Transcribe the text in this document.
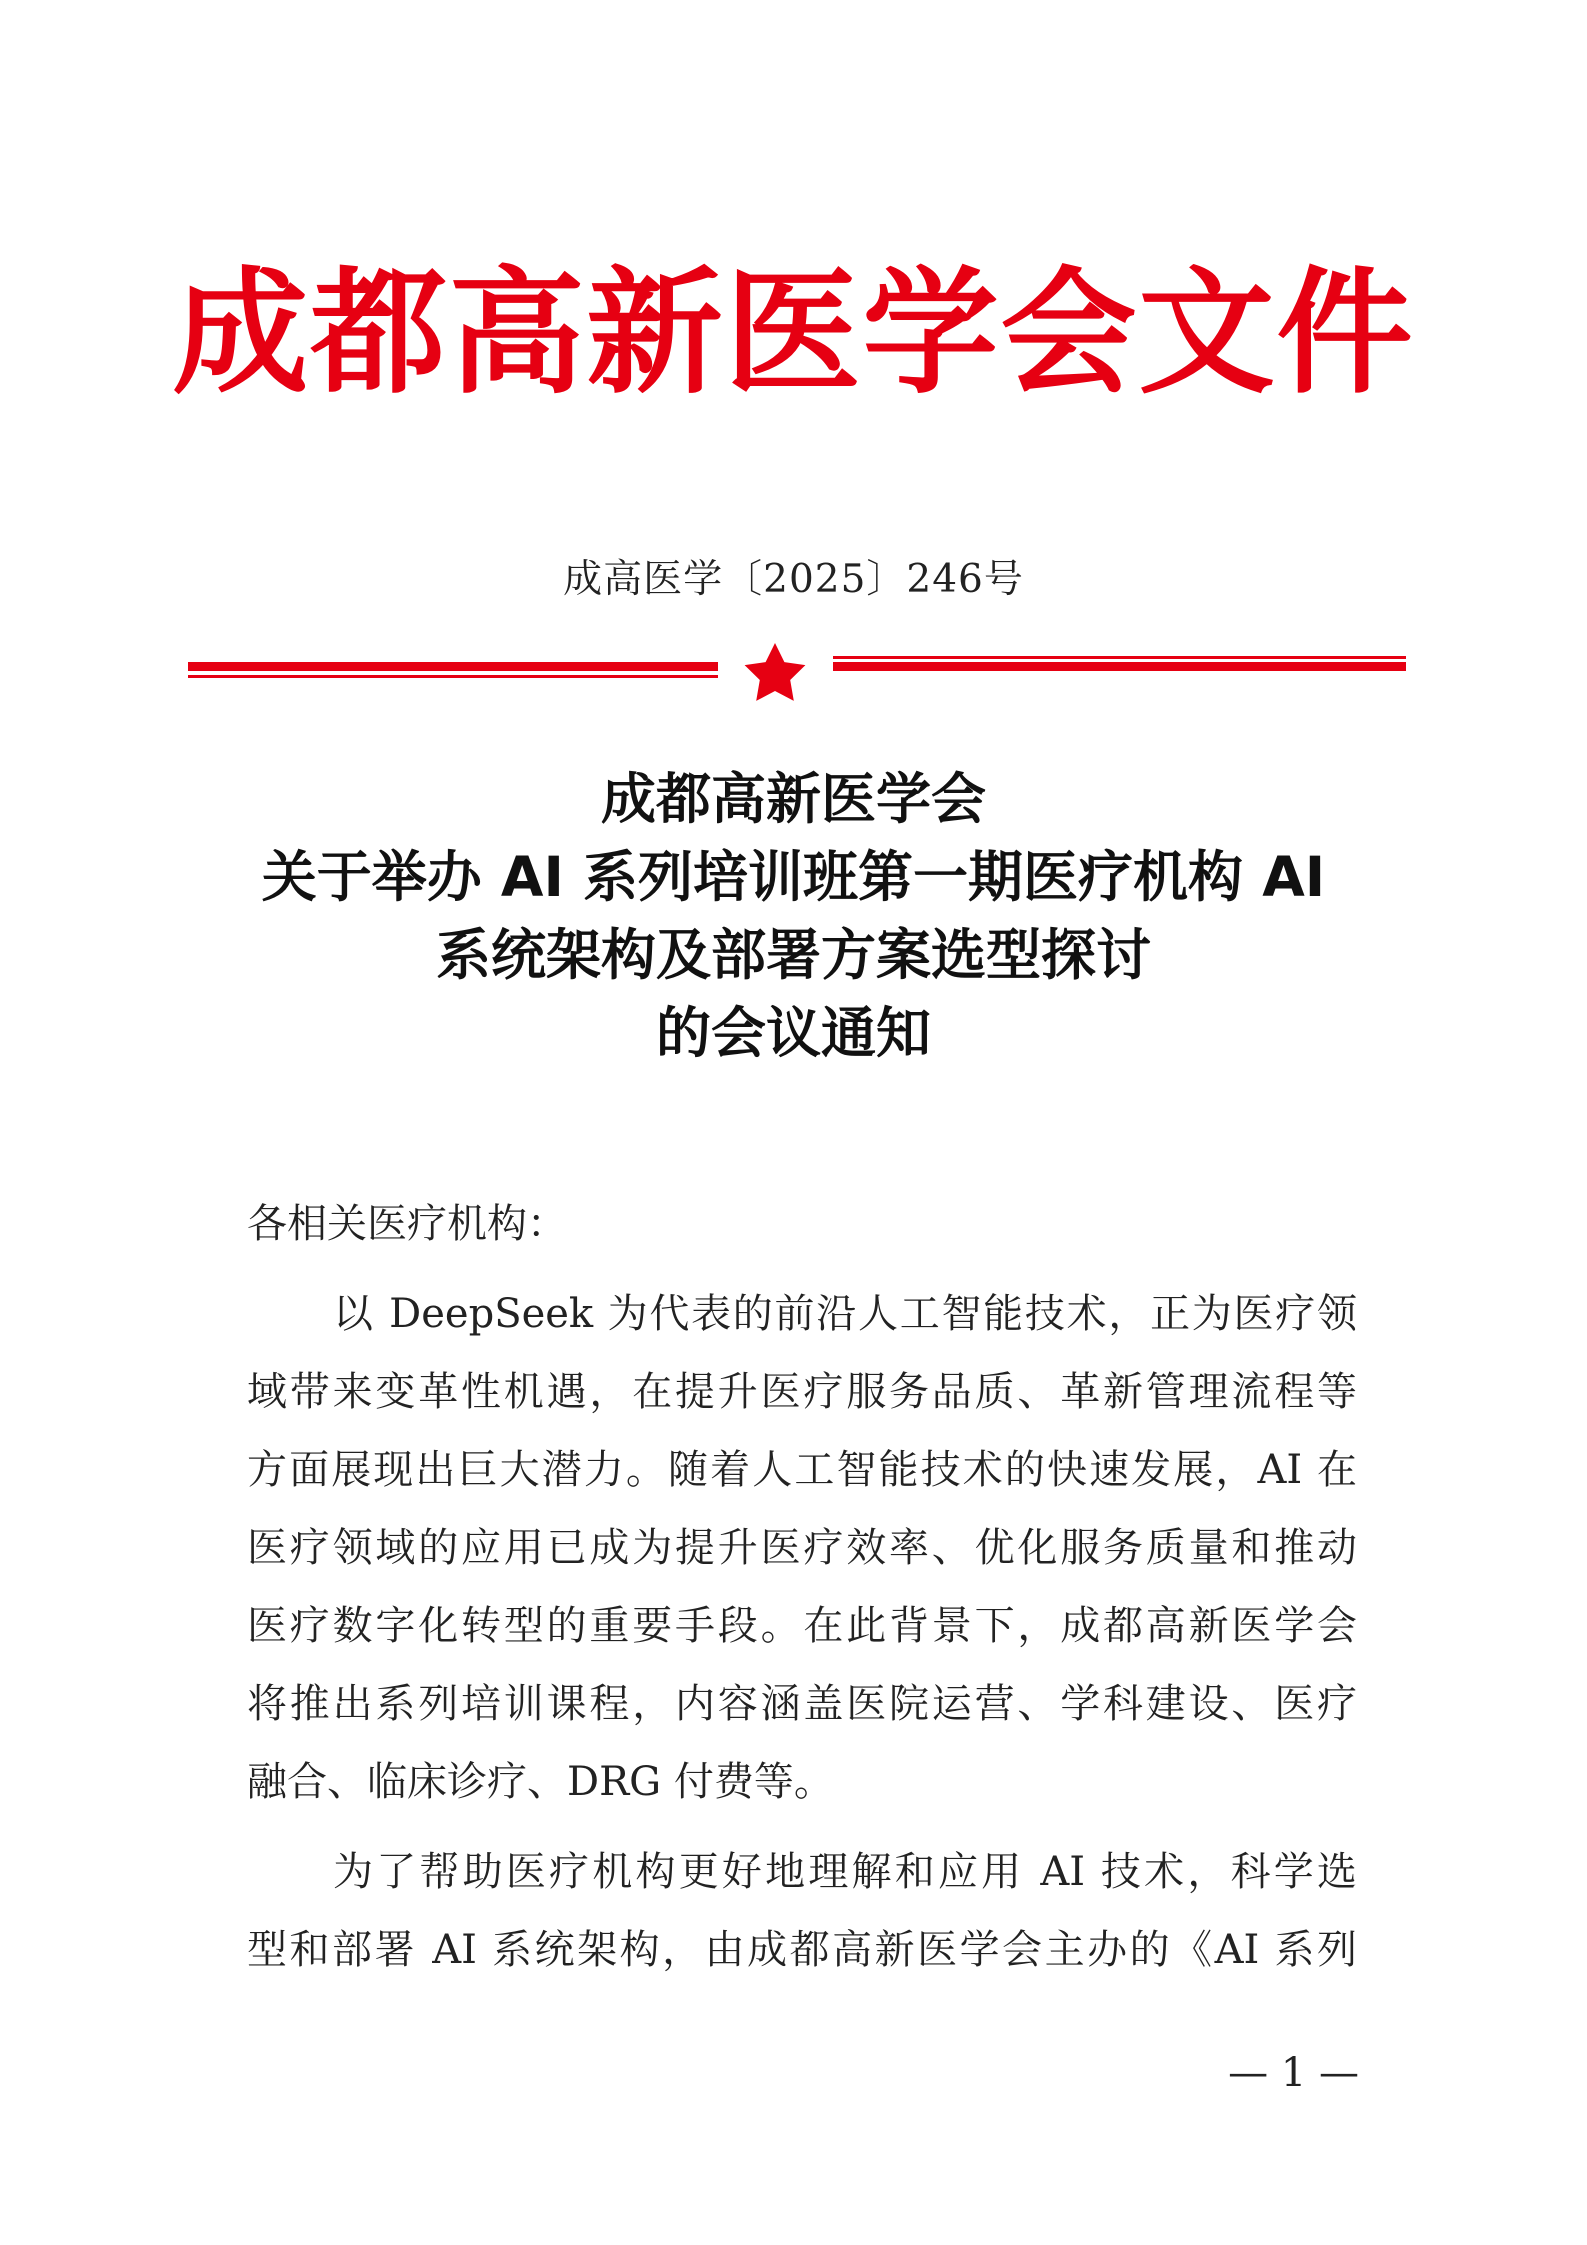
成都高新医学会文件
成高医学〔2025〕246号
成都高新医学会
关于举办 AI 系列培训班第一期医疗机构 AI
系统架构及部署方案选型探讨
的会议通知
各相关医疗机构：
以 DeepSeek 为代表的前沿人工智能技术，正为医疗领
域带来变革性机遇，在提升医疗服务品质、革新管理流程等
方面展现出巨大潜力。随着人工智能技术的快速发展，AI 在
医疗领域的应用已成为提升医疗效率、优化服务质量和推动
医疗数字化转型的重要手段。在此背景下，成都高新医学会
将推出系列培训课程，内容涵盖医院运营、学科建设、医疗
融合、临床诊疗、DRG 付费等。
为了帮助医疗机构更好地理解和应用 AI 技术，科学选
型和部署 AI 系统架构，由成都高新医学会主办的《AI 系列
— 1 —
